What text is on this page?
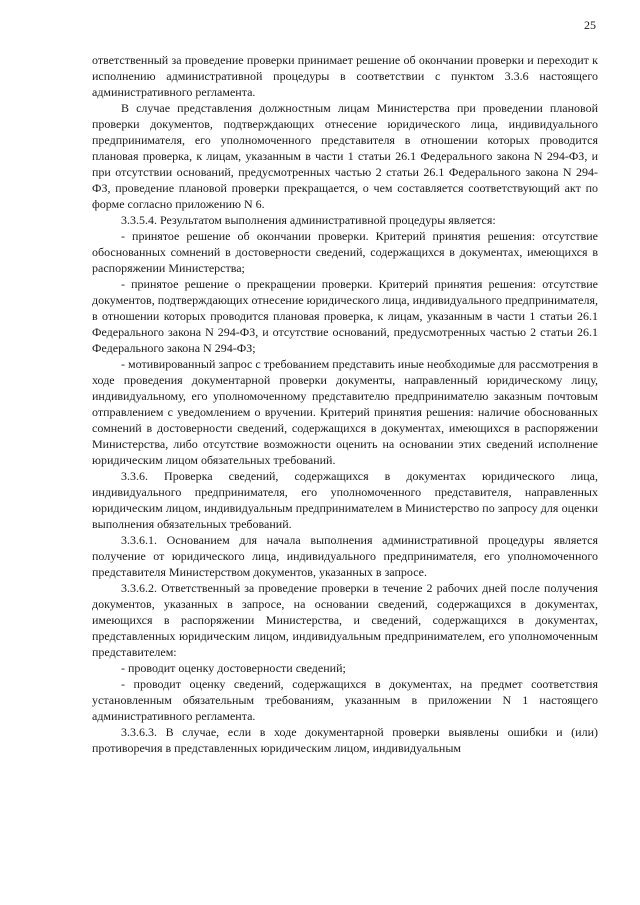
25

ответственный за проведение проверки принимает решение об окончании проверки и переходит к исполнению административной процедуры в соответствии с пунктом 3.3.6 настоящего административного регламента.

В случае представления должностным лицам Министерства при проведении плановой проверки документов, подтверждающих отнесение юридического лица, индивидуального предпринимателя, его уполномоченного представителя в отношении которых проводится плановая проверка, к лицам, указанным в части 1 статьи 26.1 Федерального закона N 294-ФЗ, и при отсутствии оснований, предусмотренных частью 2 статьи 26.1 Федерального закона N 294-ФЗ, проведение плановой проверки прекращается, о чем составляется соответствующий акт по форме согласно приложению N 6.

3.3.5.4. Результатом выполнения административной процедуры является:

- принятое решение об окончании проверки. Критерий принятия решения: отсутствие обоснованных сомнений в достоверности сведений, содержащихся в документах, имеющихся в распоряжении Министерства;

- принятое решение о прекращении проверки. Критерий принятия решения: отсутствие документов, подтверждающих отнесение юридического лица, индивидуального предпринимателя, в отношении которых проводится плановая проверка, к лицам, указанным в части 1 статьи 26.1 Федерального закона N 294-ФЗ, и отсутствие оснований, предусмотренных частью 2 статьи 26.1 Федерального закона N 294-ФЗ;

- мотивированный запрос с требованием представить иные необходимые для рассмотрения в ходе проведения документарной проверки документы, направленный юридическому лицу, индивидуальному, его уполномоченному представителю предпринимателю заказным почтовым отправлением с уведомлением о вручении. Критерий принятия решения: наличие обоснованных сомнений в достоверности сведений, содержащихся в документах, имеющихся в распоряжении Министерства, либо отсутствие возможности оценить на основании этих сведений исполнение юридическим лицом обязательных требований.

3.3.6. Проверка сведений, содержащихся в документах юридического лица, индивидуального предпринимателя, его уполномоченного представителя, направленных юридическим лицом, индивидуальным предпринимателем в Министерство по запросу для оценки выполнения обязательных требований.

3.3.6.1. Основанием для начала выполнения административной процедуры является получение от юридического лица, индивидуального предпринимателя, его уполномоченного представителя Министерством документов, указанных в запросе.

3.3.6.2. Ответственный за проведение проверки в течение 2 рабочих дней после получения документов, указанных в запросе, на основании сведений, содержащихся в документах, имеющихся в распоряжении Министерства, и сведений, содержащихся в документах, представленных юридическим лицом, индивидуальным предпринимателем, его уполномоченным представителем:

- проводит оценку достоверности сведений;

- проводит оценку сведений, содержащихся в документах, на предмет соответствия установленным обязательным требованиям, указанным в приложении N 1 настоящего административного регламента.

3.3.6.3. В случае, если в ходе документарной проверки выявлены ошибки и (или) противоречия в представленных юридическим лицом, индивидуальным
